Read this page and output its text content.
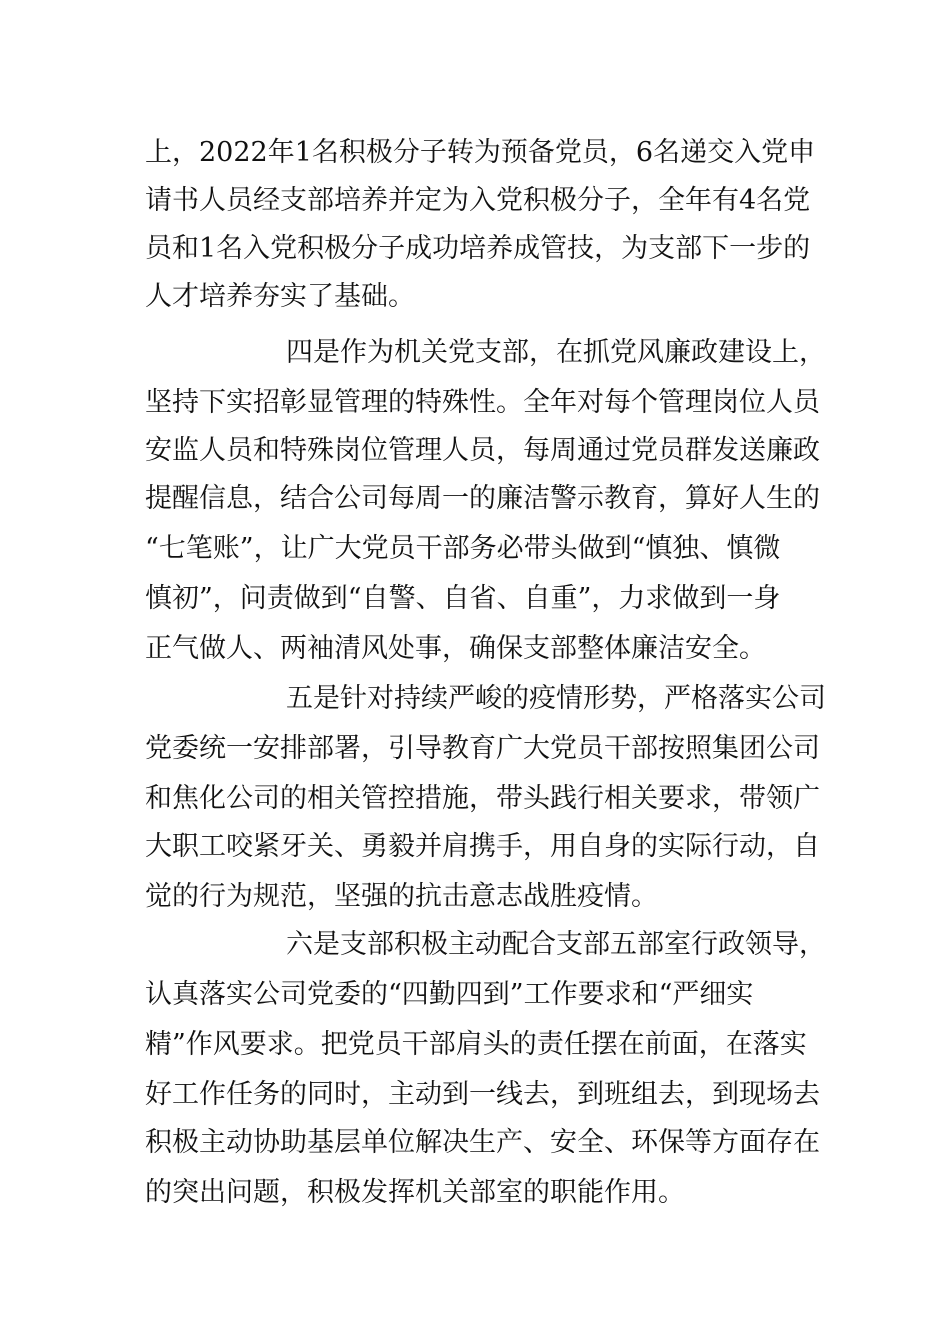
上，2022年1名积极分子转为预备党员，6名递交入党申
请书人员经支部培养并定为入党积极分子，全年有4名党
员和1名入党积极分子成功培养成管技，为支部下一步的
人才培养夯实了基础。
四是作为机关党支部，在抓党风廉政建设上，
坚持下实招彰显管理的特殊性。全年对每个管理岗位人员
安监人员和特殊岗位管理人员，每周通过党员群发送廉政
提醒信息，结合公司每周一的廉洁警示教育，算好人生的
“七笔账”，让广大党员干部务必带头做到“慎独、慎微
慎初”，问责做到“自警、自省、自重”，力求做到一身
正气做人、两袖清风处事，确保支部整体廉洁安全。
五是针对持续严峻的疫情形势，严格落实公司
党委统一安排部署，引导教育广大党员干部按照集团公司
和焦化公司的相关管控措施，带头践行相关要求，带领广
大职工咬紧牙关、勇毅并肩携手，用自身的实际行动，自
觉的行为规范，坚强的抗击意志战胜疫情。
六是支部积极主动配合支部五部室行政领导，
认真落实公司党委的“四勤四到”工作要求和“严细实
精”作风要求。把党员干部肩头的责任摆在前面，在落实
好工作任务的同时，主动到一线去，到班组去，到现场去
积极主动协助基层单位解决生产、安全、环保等方面存在
的突出问题，积极发挥机关部室的职能作用。
